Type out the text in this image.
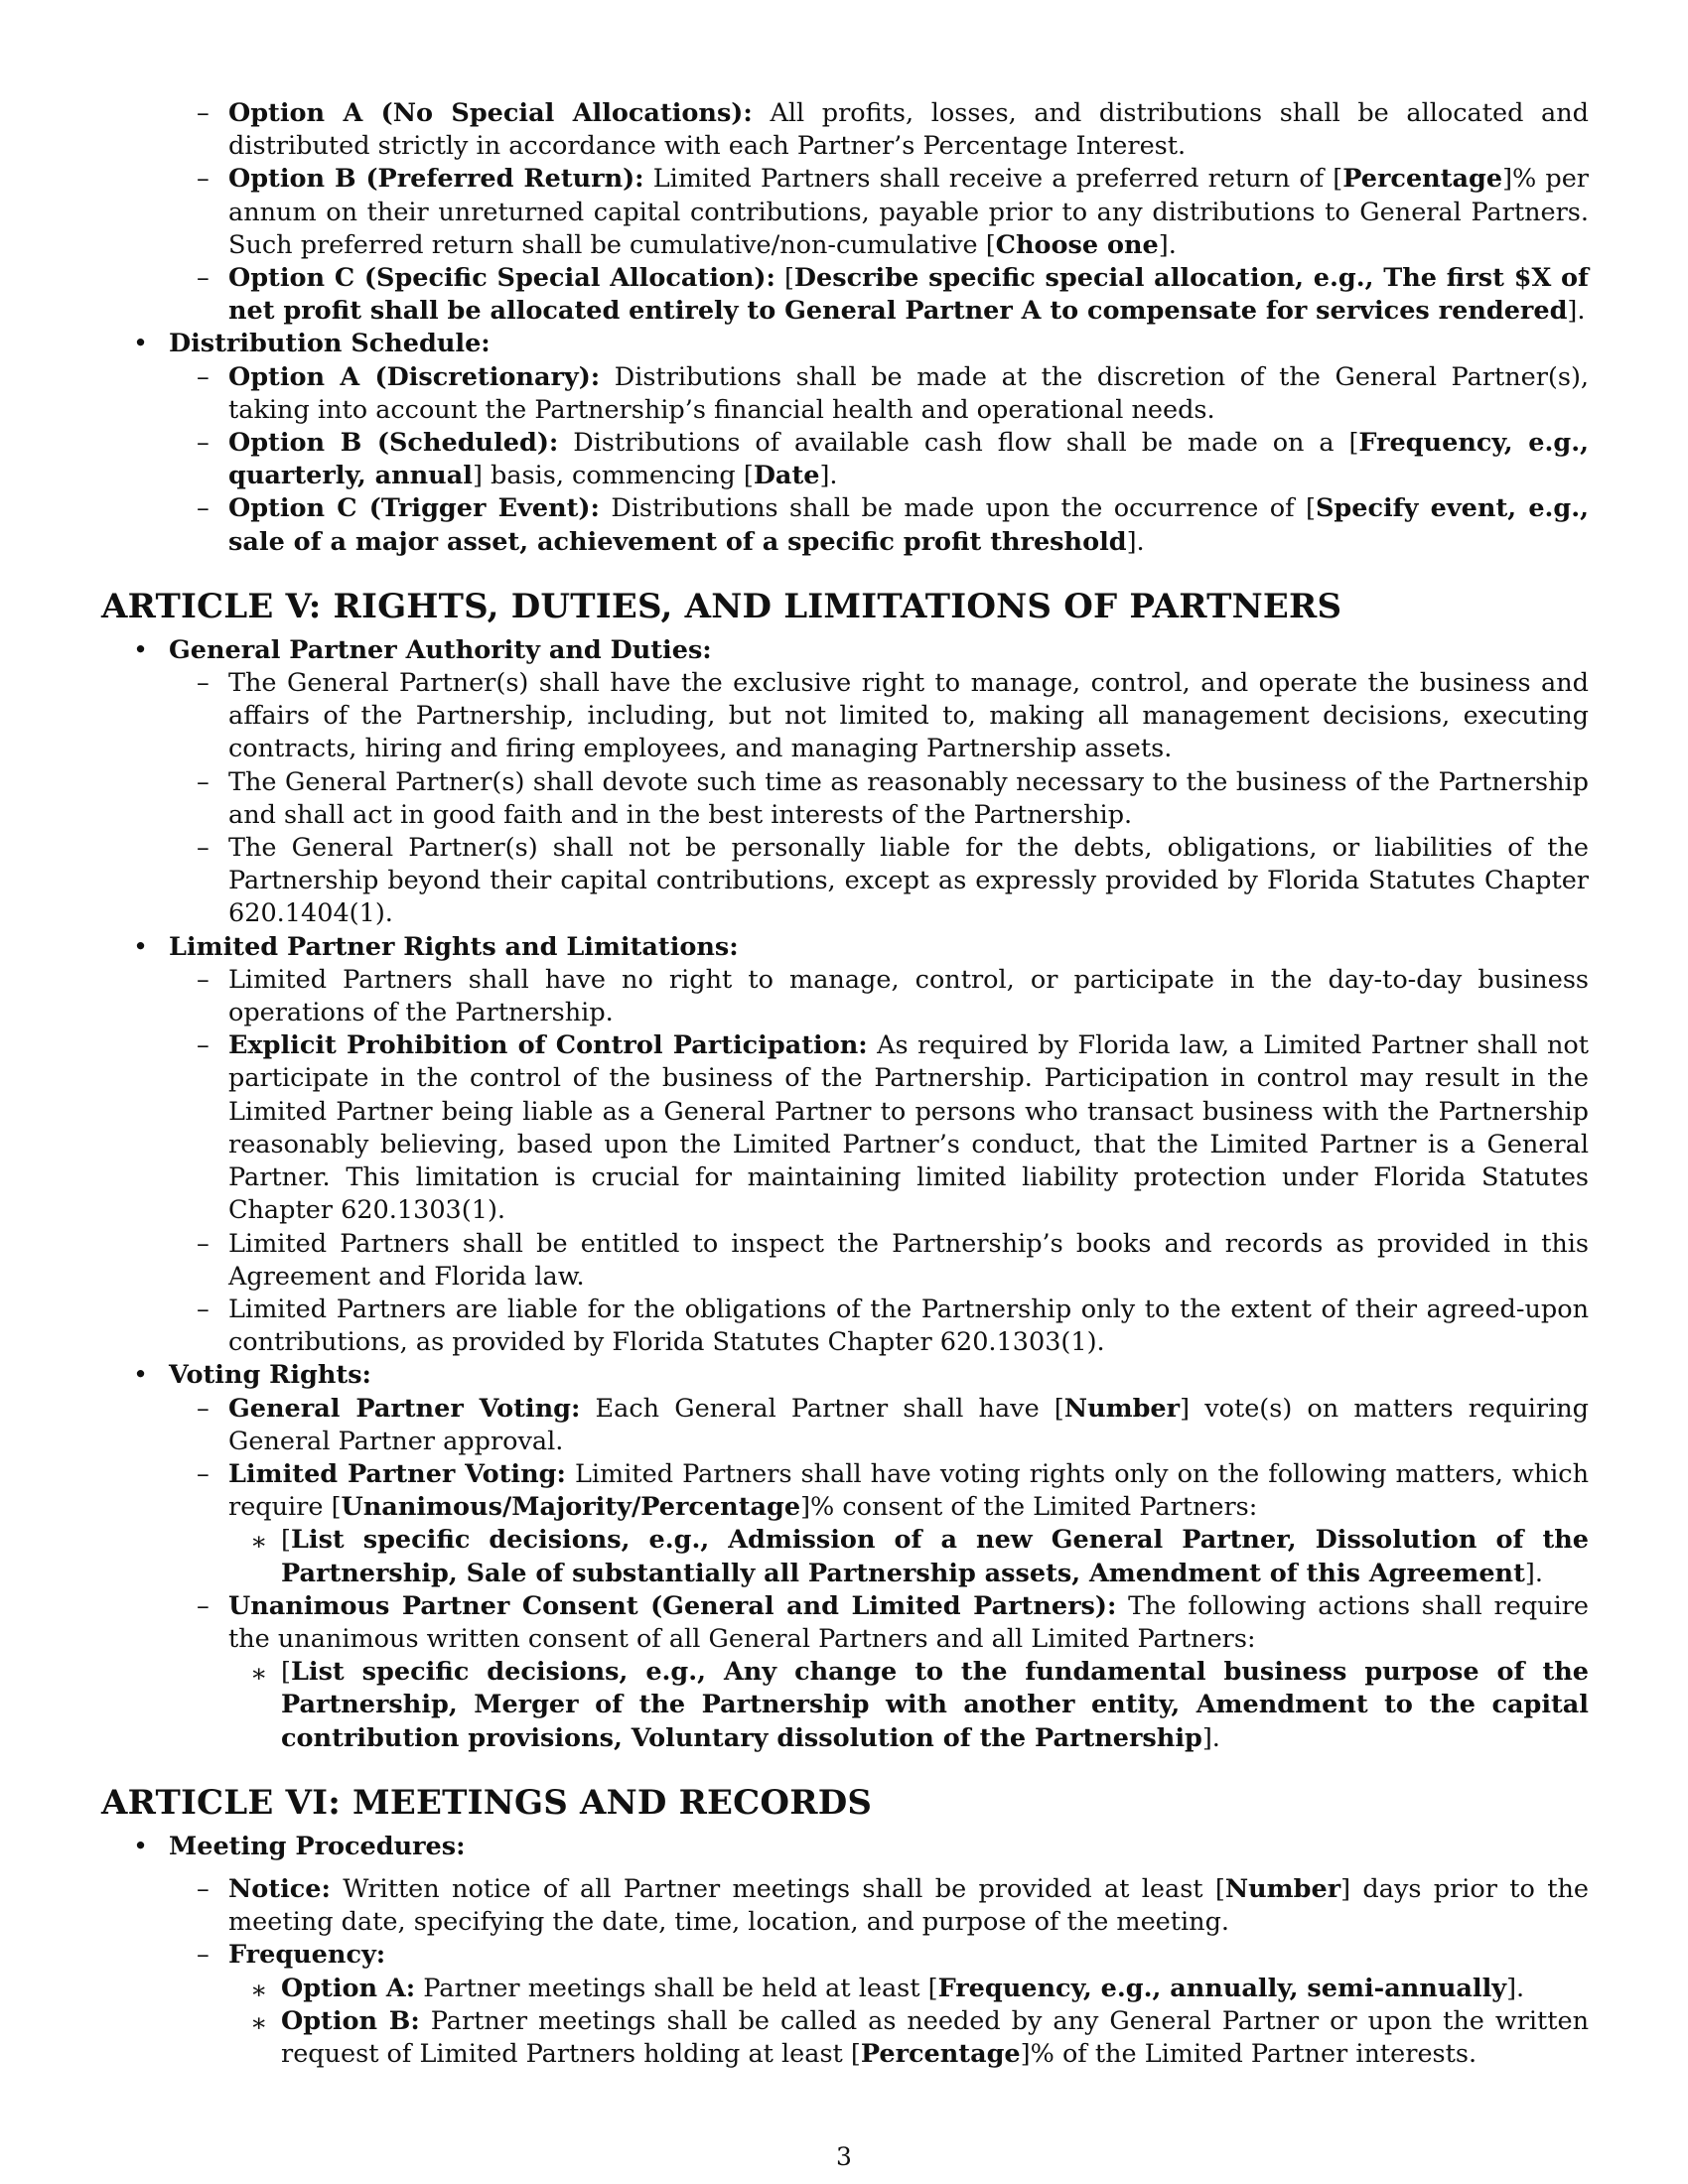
– Option A (No Special Allocations): All profits, losses, and distributions shall be allocated and distributed strictly in accordance with each Partner’s Percentage Interest.

– Option B (Preferred Return): Limited Partners shall receive a preferred return of [Percentage]% per annum on their unreturned capital contributions, payable prior to any distributions to General Partners. Such preferred return shall be cumulative/non-cumulative [Choose one].

– Option C (Specific Special Allocation): [Describe specific special allocation, e.g., The first $X of net profit shall be allocated entirely to General Partner A to compensate for services rendered].

• Distribution Schedule:

– Option A (Discretionary): Distributions shall be made at the discretion of the General Partner(s), taking into account the Partnership’s financial health and operational needs.

– Option B (Scheduled): Distributions of available cash flow shall be made on a [Frequency, e.g., quarterly, annual] basis, commencing [Date].

– Option C (Trigger Event): Distributions shall be made upon the occurrence of [Specify event, e.g., sale of a major asset, achievement of a specific profit threshold].

ARTICLE V: RIGHTS, DUTIES, AND LIMITATIONS OF PARTNERS

• General Partner Authority and Duties:

– The General Partner(s) shall have the exclusive right to manage, control, and operate the business and affairs of the Partnership, including, but not limited to, making all management decisions, executing contracts, hiring and firing employees, and managing Partnership assets.

– The General Partner(s) shall devote such time as reasonably necessary to the business of the Partnership and shall act in good faith and in the best interests of the Partnership.

– The General Partner(s) shall not be personally liable for the debts, obligations, or liabilities of the Partnership beyond their capital contributions, except as expressly provided by Florida Statutes Chapter 620.1404(1).

• Limited Partner Rights and Limitations:

– Limited Partners shall have no right to manage, control, or participate in the day-to-day business operations of the Partnership.

– Explicit Prohibition of Control Participation: As required by Florida law, a Limited Partner shall not participate in the control of the business of the Partnership. Participation in control may result in the Limited Partner being liable as a General Partner to persons who transact business with the Partnership reasonably believing, based upon the Limited Partner’s conduct, that the Limited Partner is a General Partner. This limitation is crucial for maintaining limited liability protection under Florida Statutes Chapter 620.1303(1).

– Limited Partners shall be entitled to inspect the Partnership’s books and records as provided in this Agreement and Florida law.

– Limited Partners are liable for the obligations of the Partnership only to the extent of their agreed-upon contributions, as provided by Florida Statutes Chapter 620.1303(1).

• Voting Rights:

– General Partner Voting: Each General Partner shall have [Number] vote(s) on matters requiring General Partner approval.

– Limited Partner Voting: Limited Partners shall have voting rights only on the following matters, which require [Unanimous/Majority/Percentage]% consent of the Limited Partners:

∗ [List specific decisions, e.g., Admission of a new General Partner, Dissolution of the Partnership, Sale of substantially all Partnership assets, Amendment of this Agreement].

– Unanimous Partner Consent (General and Limited Partners): The following actions shall require the unanimous written consent of all General Partners and all Limited Partners:

∗ [List specific decisions, e.g., Any change to the fundamental business purpose of the Partnership, Merger of the Partnership with another entity, Amendment to the capital contribution provisions, Voluntary dissolution of the Partnership].

ARTICLE VI: MEETINGS AND RECORDS

• Meeting Procedures:

– Notice: Written notice of all Partner meetings shall be provided at least [Number] days prior to the meeting date, specifying the date, time, location, and purpose of the meeting.

– Frequency:

∗ Option A: Partner meetings shall be held at least [Frequency, e.g., annually, semi-annually].

∗ Option B: Partner meetings shall be called as needed by any General Partner or upon the written request of Limited Partners holding at least [Percentage]% of the Limited Partner interests.

3
